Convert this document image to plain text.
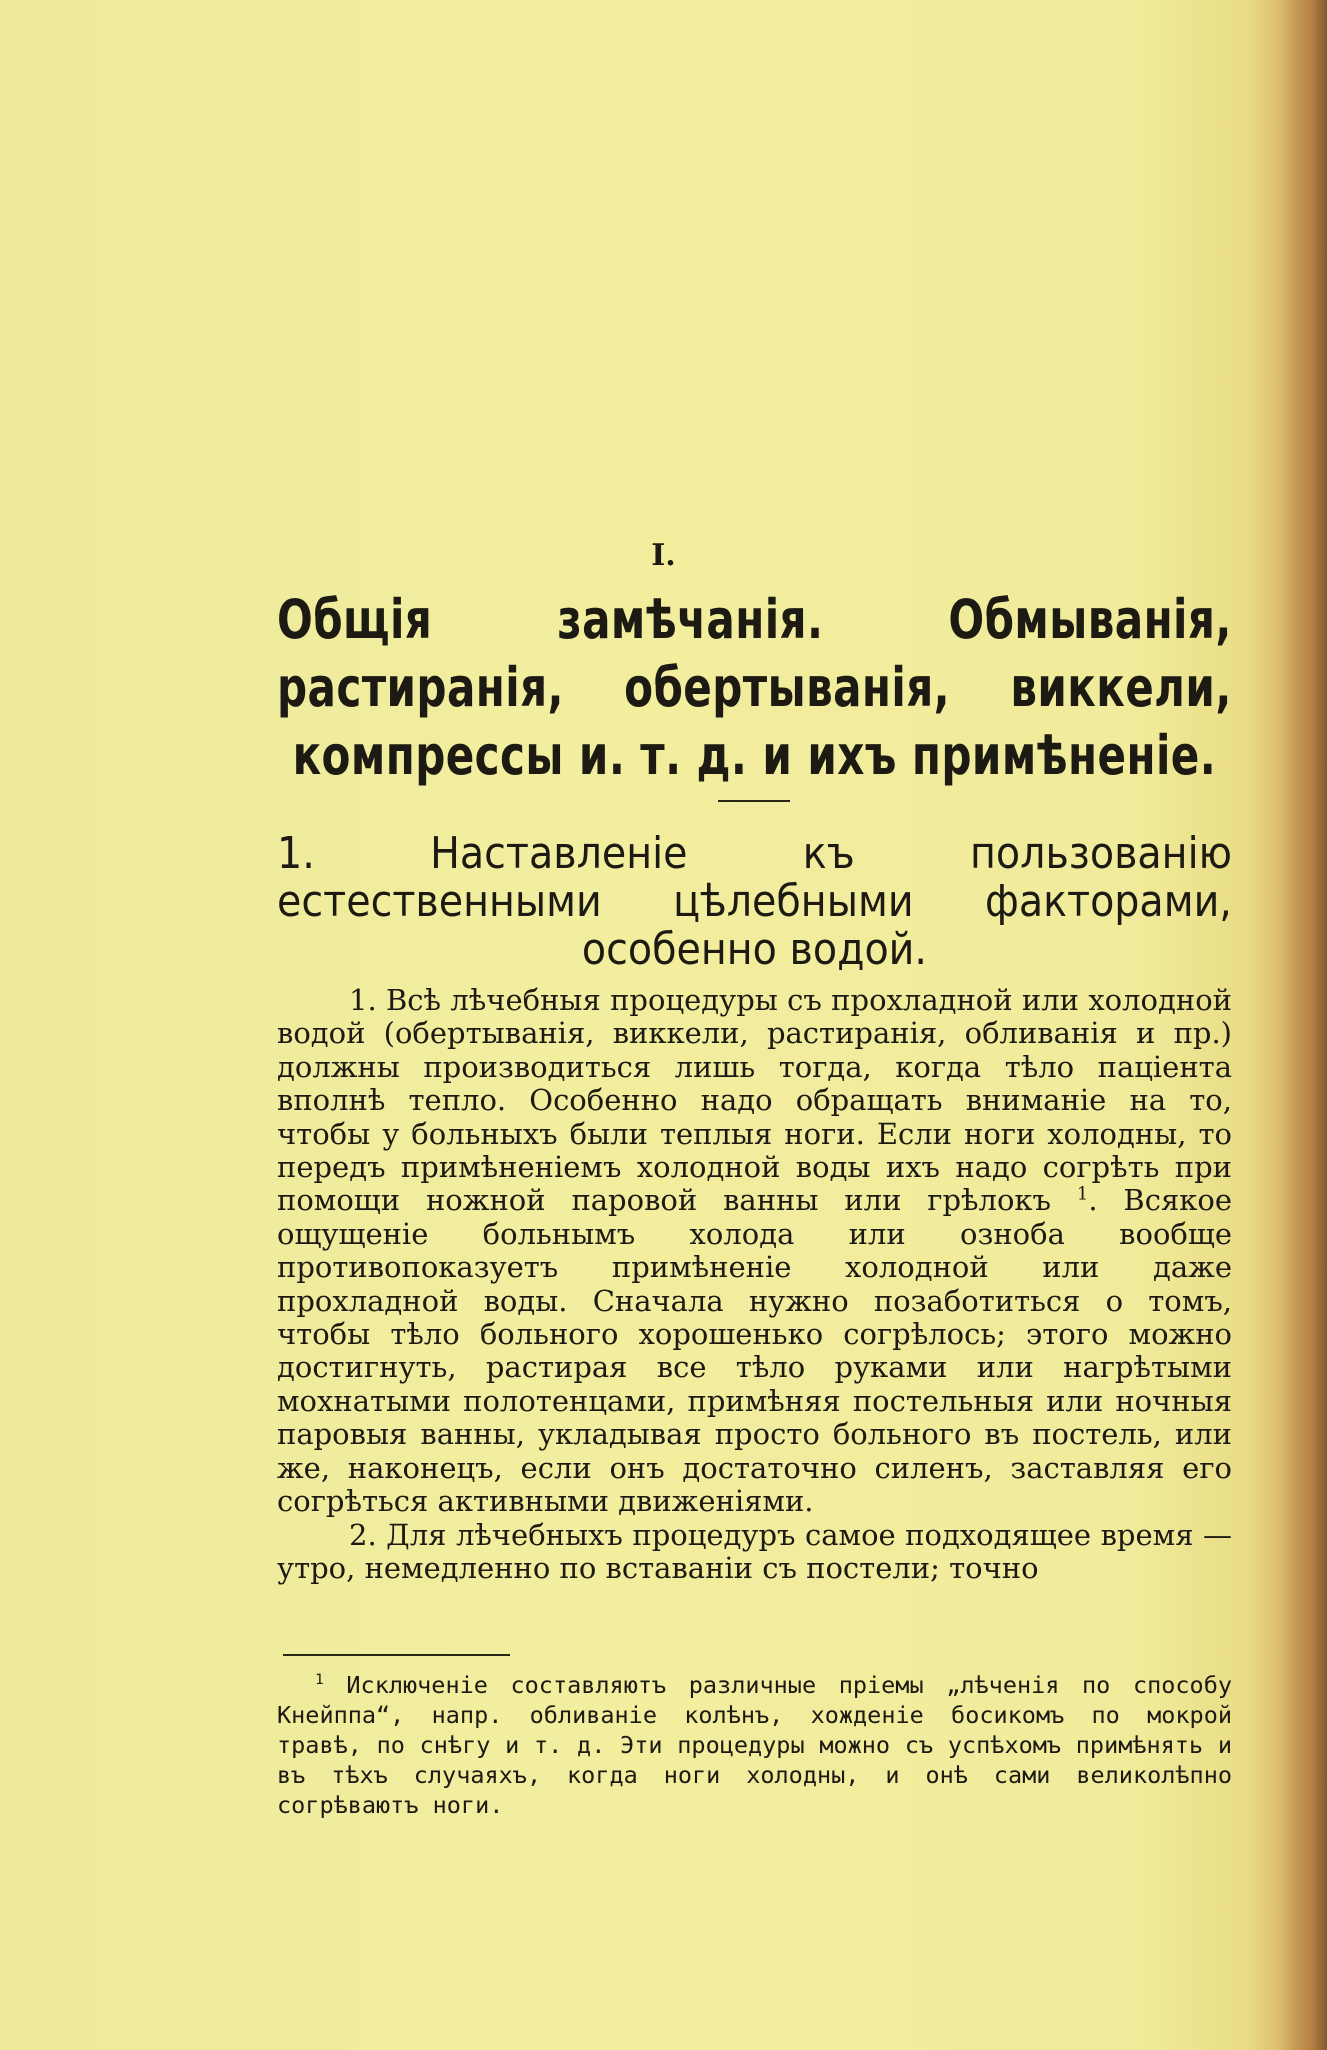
I.
Общія замѣчанія. Обмыванія, растиранія, обертыванія, виккели, компрессы и. т. д. и ихъ примѣненіе.
1. Наставленіе къ пользованію естественными цѣлебными факторами, особенно водой.

1. Всѣ лѣчебныя процедуры съ прохладной или холодной водой (обертыванія, виккели, растиранія, обливанія и пр.) должны производиться лишь тогда, когда тѣло пацiента вполнѣ тепло. Особенно надо обращать вниманіе на то, чтобы у больныхъ были теплыя ноги. Если ноги холодны, то передъ примѣненіемъ холодной воды ихъ надо согрѣть при помощи ножной паровой ванны или грѣлокъ $^1$. Всякое ощущеніе больнымъ холода или озноба вообще противопоказуетъ примѣненіе холодной или даже прохладной воды. Сначала нужно позаботиться о томъ, чтобы тѣло больного хорошенько согрѣлось; этого можно достигнуть, растирая все тѣло руками или нагрѣтыми мохнатыми полотенцами, примѣняя постельныя или ночныя паровыя ванны, укладывая просто больного въ постель, или же, наконецъ, если онъ достаточно силенъ, заставляя его согрѣться активными движеніями.

2. Для лѣчебныхъ процедуръ самое подходящее время — утро, немедленно по вставаніи съ постели; точно

$^1$ Исключеніе составляютъ различные пріемы „лѣченія по способу Кнейппа“, напр. обливаніе колѣнъ, хожденіе босикомъ по мокрой травѣ, по снѣгу и т. д. Эти процедуры можно съ успѣхомъ примѣнять и въ тѣхъ случаяхъ, когда ноги холодны, и онѣ сами великолѣпно согрѣваютъ ноги.
